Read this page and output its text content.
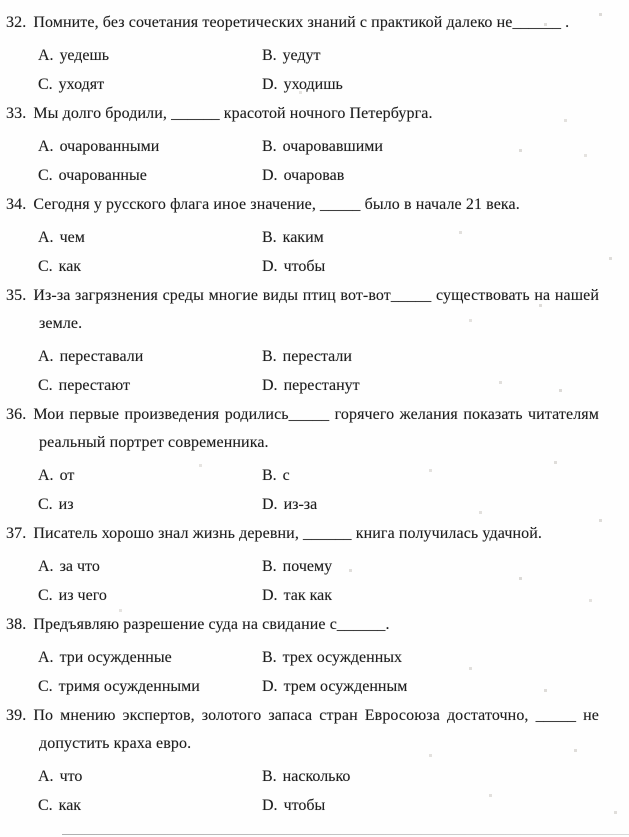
32. Помните, без сочетания теоретических знаний с практикой далеко не______ .
A. уедешь	B. уедут
C. уходят	D. уходишь
33. Мы долго бродили, ______ красотой ночного Петербурга.
A. очарованными	B. очаровавшими
C. очарованные	D. очаровав
34. Сегодня у русского флага иное значение, _____ было в начале 21 века.
A. чем	B. каким
C. как	D. чтобы
35. Из-за загрязнения среды многие виды птиц вот-вот_____ существовать на нашей земле.
A. переставали	B. перестали
C. перестают	D. перестанут
36. Мои первые произведения родились_____ горячего желания показать читателям реальный портрет современника.
A. от	B. с
C. из	D. из-за
37. Писатель хорошо знал жизнь деревни, ______ книга получилась удачной.
A. за что	B. почему
C. из чего	D. так как
38. Предъявляю разрешение суда на свидание с______.
A. три осужденные	B. трех осужденных
C. тримя осужденными	D. трем осужденным
39. По мнению экспертов, золотого запаса стран Евросоюза достаточно, _____ не допустить краха евро.
A. что	B. насколько
C. как	D. чтобы
